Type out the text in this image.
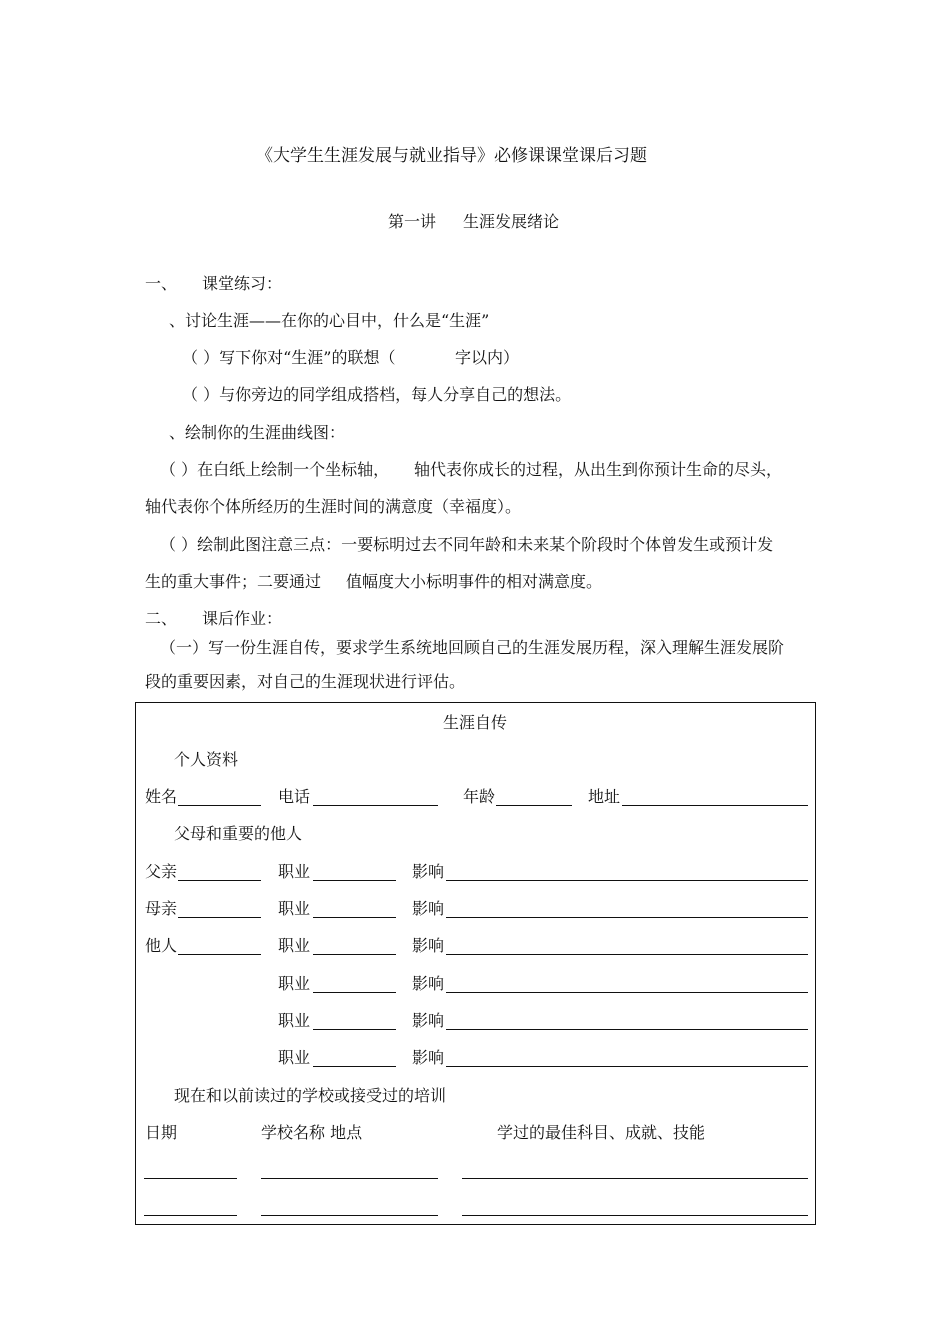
《大学生生涯发展与就业指导》必修课课堂课后习题
第一讲 生涯发展绪论
一、 课堂练习：
、讨论生涯——在你的心目中，什么是“生涯”
（ ）写下你对“生涯”的联想（	字以内）
（ ）与你旁边的同学组成搭档，每人分享自己的想法。
、绘制你的生涯曲线图：
（ ）在白纸上绘制一个坐标轴， 轴代表你成长的过程，从出生到你预计生命的尽头，
轴代表你个体所经历的生涯时间的满意度（幸福度）。
（ ）绘制此图注意三点：一要标明过去不同年龄和未来某个阶段时个体曾发生或预计发
生的重大事件；二要通过 值幅度大小标明事件的相对满意度。
二、 课后作业：
（一）写一份生涯自传，要求学生系统地回顾自己的生涯发展历程，深入理解生涯发展阶
段的重要因素，对自己的生涯现状进行评估。
生涯自传
个人资料
姓名	电话	年龄	地址
父母和重要的他人
父亲	职业	影响
母亲	职业	影响
他人	职业	影响
职业	影响
职业	影响
职业	影响
现在和以前读过的学校或接受过的培训
日期	学校名称 地点	学过的最佳科目、成就、技能
